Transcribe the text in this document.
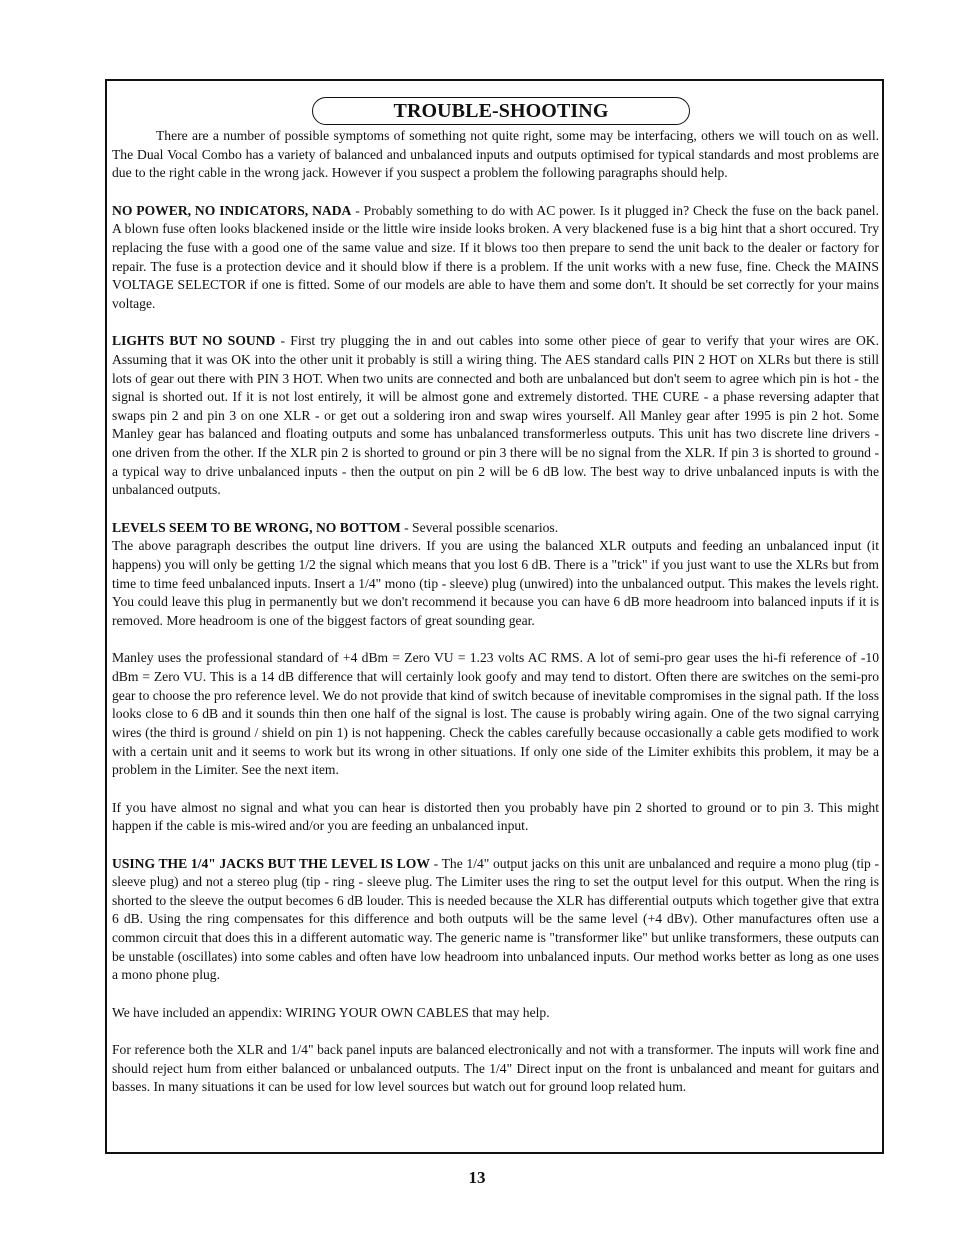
TROUBLE-SHOOTING

There are a number of possible symptoms of something not quite right, some may be interfacing, others we will touch on as well. The Dual Vocal Combo has a variety of balanced and unbalanced inputs and outputs optimised for typical standards and most problems are due to the right cable in the wrong jack. However if you suspect a problem the following paragraphs should help.

NO POWER, NO INDICATORS, NADA - Probably something to do with AC power. Is it plugged in? Check the fuse on the back panel. A blown fuse often looks blackened inside or the little wire inside looks broken. A very blackened fuse is a big hint that a short occured. Try replacing the fuse with a good one of the same value and size. If it blows too then prepare to send the unit back to the dealer or factory for repair. The fuse is a protection device and it should blow if there is a problem. If the unit works with a new fuse, fine. Check the MAINS VOLTAGE SELECTOR if one is fitted. Some of our models are able to have them and some don't. It should be set correctly for your mains voltage.

LIGHTS BUT NO SOUND - First try plugging the in and out cables into some other piece of gear to verify that your wires are OK. Assuming that it was OK into the other unit it probably is still a wiring thing. The AES standard calls PIN 2 HOT on XLRs but there is still lots of gear out there with PIN 3 HOT. When two units are connected and both are unbalanced but don't seem to agree which pin is hot - the signal is shorted out. If it is not lost entirely, it will be almost gone and extremely distorted. THE CURE - a phase reversing adapter that swaps pin 2 and pin 3 on one XLR - or get out a soldering iron and swap wires yourself. All Manley gear after 1995 is pin 2 hot. Some Manley gear has balanced and floating outputs and some has unbalanced transformerless outputs. This unit has two discrete line drivers - one driven from the other. If the XLR pin 2 is shorted to ground or pin 3 there will be no signal from the XLR. If pin 3 is shorted to ground - a typical way to drive unbalanced inputs - then the output on pin 2 will be 6 dB low. The best way to drive unbalanced inputs is with the unbalanced outputs.

LEVELS SEEM TO BE WRONG, NO BOTTOM - Several possible scenarios.

The above paragraph describes the output line drivers. If you are using the balanced XLR outputs and feeding an unbalanced input (it happens) you will only be getting 1/2 the signal which means that you lost 6 dB. There is a "trick" if you just want to use the XLRs but from time to time feed unbalanced inputs. Insert a 1/4" mono (tip - sleeve) plug (unwired) into the unbalanced output. This makes the levels right. You could leave this plug in permanently but we don't recommend it because you can have 6 dB more headroom into balanced inputs if it is removed. More headroom is one of the biggest factors of great sounding gear.

Manley uses the professional standard of +4 dBm = Zero VU = 1.23 volts AC RMS. A lot of semi-pro gear uses the hi-fi reference of -10 dBm = Zero VU. This is a 14 dB difference that will certainly look goofy and may tend to distort. Often there are switches on the semi-pro gear to choose the pro reference level. We do not provide that kind of switch because of inevitable compromises in the signal path. If the loss looks close to 6 dB and it sounds thin then one half of the signal is lost. The cause is probably wiring again. One of the two signal carrying wires (the third is ground / shield on pin 1) is not happening. Check the cables carefully because occasionally a cable gets modified to work with a certain unit and it seems to work but its wrong in other situations. If only one side of the Limiter exhibits this problem, it may be a problem in the Limiter. See the next item.

If you have almost no signal and what you can hear is distorted then you probably have pin 2 shorted to ground or to pin 3. This might happen if the cable is mis-wired and/or you are feeding an unbalanced input.

USING THE 1/4" JACKS BUT THE LEVEL IS LOW - The 1/4" output jacks on this unit are unbalanced and require a mono plug (tip - sleeve plug) and not a stereo plug (tip - ring - sleeve plug. The Limiter uses the ring to set the output level for this output. When the ring is shorted to the sleeve the output becomes 6 dB louder. This is needed because the XLR has differential outputs which together give that extra 6 dB. Using the ring compensates for this difference and both outputs will be the same level (+4 dBv). Other manufactures often use a common circuit that does this in a different automatic way. The generic name is "transformer like" but unlike transformers, these outputs can be unstable (oscillates) into some cables and often have low headroom into unbalanced inputs. Our method works better as long as one uses a mono phone plug.

We have included an appendix: WIRING YOUR OWN CABLES that may help.

For reference both the XLR and 1/4" back panel inputs are balanced electronically and not with a transformer. The inputs will work fine and should reject hum from either balanced or unbalanced outputs. The 1/4" Direct input on the front is unbalanced and meant for guitars and basses. In many situations it can be used for low level sources but watch out for ground loop related hum.

13
